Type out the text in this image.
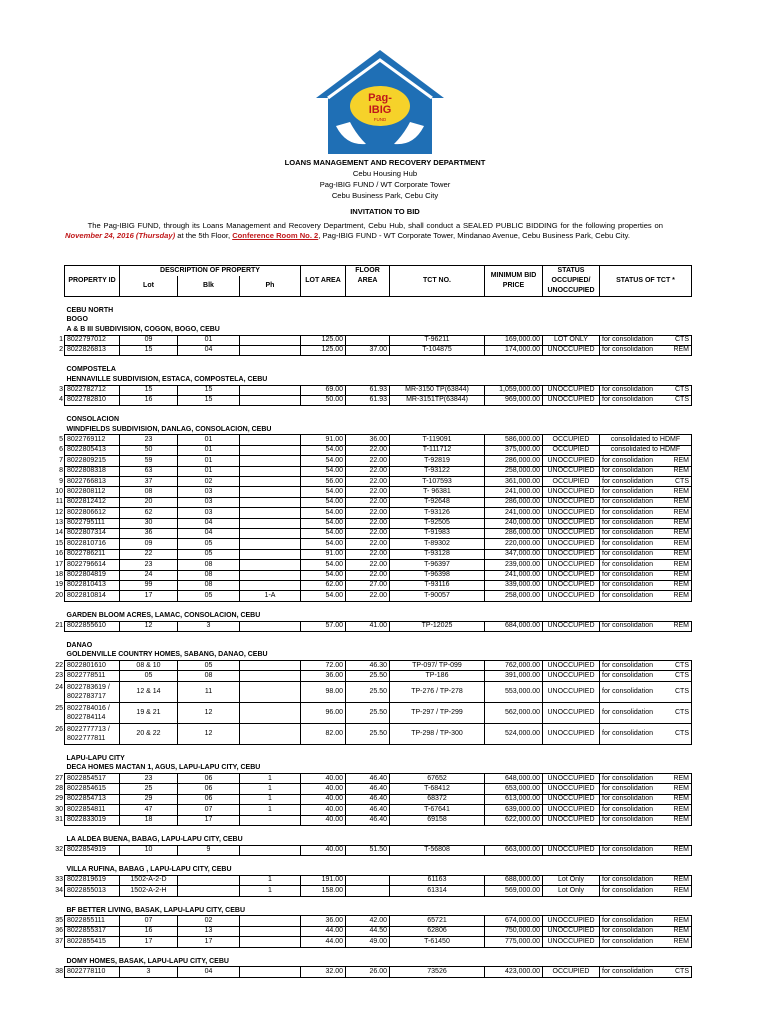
Pag-
IBIG
FUND
LOANS MANAGEMENT AND RECOVERY DEPARTMENT
Cebu Housing Hub
Pag-IBIG FUND / WT Corporate Tower
Cebu Business Park, Cebu City
INVITATION TO BID
The Pag-IBIG FUND, through its Loans Management and Recovery Department, Cebu Hub, shall conduct a SEALED PUBLIC BIDDING for the following properties on November 24, 2016 (Thursday) at the 5th Floor, Conference Room No. 2, Pag-IBIG FUND - WT Corporate Tower, Mindanao Avenue, Cebu Business Park, Cebu City.
PROPERTY ID	DESCRIPTION OF PROPERTY			LOT AREA	FLOOR AREA	TCT NO.	MINIMUM BID PRICE	STATUS	STATUS OF TCT *
	Lot	Blk	Ph					OCCUPIED/ UNOCCUPIED	

CEBU NORTH									
BOGO									
A & B III SUBDIVISION, COGON, BOGO, CEBU									

1 8022797012	09	01		125.00		T-96211	169,000.00	LOT ONLY	for consolidation CTS

2 8022826813	15	04		125.00	37.00	T-104875	174,000.00	UNOCCUPIED	for consolidation REM

COMPOSTELA									
HENNAVILLE SUBDIVISION, ESTACA, COMPOSTELA, CEBU									

3 8022782712	15	15		69.00	61.93	MR-3150 TP(63844)	1,059,000.00	UNOCCUPIED	for consolidation CTS

4 8022782810	16	15		50.00	61.93	MR-3151TP(63844)	969,000.00	UNOCCUPIED	for consolidation CTS

CONSOLACION									
WINDFIELDS SUBDIVISION, DANLAG, CONSOLACION, CEBU									

5 8022769112	23	01		91.00	36.00	T-119091	586,000.00	OCCUPIED	consolidated to HDMF

6 8022805413	50	01		54.00	22.00	T-111712	375,000.00	OCCUPIED	consolidated to HDMF

7 8022809215	59	01		54.00	22.00	T-92819	286,000.00	UNOCCUPIED	for consolidation REM

8 8022808318	63	01		54.00	22.00	T-93122	258,000.00	UNOCCUPIED	for consolidation REM

9 8022766813	37	02		56.00	22.00	T-107593	361,000.00	OCCUPIED	for consolidation CTS

10 8022808112	08	03		54.00	22.00	T- 96381	241,000.00	UNOCCUPIED	for consolidation REM

11 8022812412	20	03		54.00	22.00	T-92648	286,000.00	UNOCCUPIED	for consolidation REM

12 8022806612	62	03		54.00	22.00	T-93126	241,000.00	UNOCCUPIED	for consolidation REM

13 8022795111	30	04		54.00	22.00	T-92505	240,000.00	UNOCCUPIED	for consolidation REM

14 8022807314	36	04		54.00	22.00	T-91983	286,000.00	UNOCCUPIED	for consolidation REM

15 8022810716	09	05		54.00	22.00	T-89302	220,000.00	UNOCCUPIED	for consolidation REM

16 8022786211	22	05		91.00	22.00	T-93128	347,000.00	UNOCCUPIED	for consolidation REM

17 8022796614	23	08		54.00	22.00	T-96397	239,000.00	UNOCCUPIED	for consolidation REM

18 8022804819	24	08		54.00	22.00	T-96398	241,000.00	UNOCCUPIED	for consolidation REM

19 8022810413	99	08		62.00	27.00	T-93116	339,000.00	UNOCCUPIED	for consolidation REM

20 8022810814	17	05	1-A	54.00	22.00	T-90057	258,000.00	UNOCCUPIED	for consolidation REM

GARDEN BLOOM ACRES, LAMAC, CONSOLACION, CEBU									

21 8022855610	12	3		57.00	41.00	TP-12025	684,000.00	UNOCCUPIED	for consolidation REM

DANAO									
GOLDENVILLE COUNTRY HOMES, SABANG, DANAO, CEBU									

22 8022801610	08 & 10	05		72.00	46.30	TP-097/ TP-099	762,000.00	UNOCCUPIED	for consolidation CTS

23 8022778511	05	08		36.00	25.50	TP-186	391,000.00	UNOCCUPIED	for consolidation CTS

24 8022783619 / 8022783717	12 & 14	11		98.00	25.50	TP-276 / TP-278	553,000.00	UNOCCUPIED	for consolidation CTS

25 8022784016 / 8022784114	19 & 21	12		96.00	25.50	TP-297 / TP-299	562,000.00	UNOCCUPIED	for consolidation CTS

26 8022777713 / 8022777811	20 & 22	12		82.00	25.50	TP-298 / TP-300	524,000.00	UNOCCUPIED	for consolidation CTS

LAPU-LAPU CITY									
DECA HOMES MACTAN 1, AGUS, LAPU-LAPU CITY, CEBU									

27 8022854517	23	06	1	40.00	46.40	67652	648,000.00	UNOCCUPIED	for consolidation REM

28 8022854615	25	06	1	40.00	46.40	T-68412	653,000.00	UNOCCUPIED	for consolidation REM

29 8022854713	29	06	1	40.00	46.40	68372	613,000.00	UNOCCUPIED	for consolidation REM

30 8022854811	47	07	1	40.00	46.40	T-67641	639,000.00	UNOCCUPIED	for consolidation REM

31 8022833019	18	17		40.00	46.40	69158	622,000.00	UNOCCUPIED	for consolidation REM

LA ALDEA BUENA, BABAG, LAPU-LAPU CITY, CEBU									

32 8022854919	10	9		40.00	51.50	T-56808	663,000.00	UNOCCUPIED	for consolidation REM

VILLA RUFINA, BABAG , LAPU-LAPU CITY, CEBU									

33 8022819619	1502-A-2-D		1	191.00		61163	688,000.00	Lot Only	for consolidation REM

34 8022855013	1502-A-2-H		1	158.00		61314	569,000.00	Lot Only	for consolidation REM

BF BETTER LIVING, BASAK, LAPU-LAPU CITY, CEBU									

35 8022855111	07	02		36.00	42.00	65721	674,000.00	UNOCCUPIED	for consolidation REM

36 8022855317	16	13		44.00	44.50	62806	750,000.00	UNOCCUPIED	for consolidation REM

37 8022855415	17	17		44.00	49.00	T-61450	775,000.00	UNOCCUPIED	for consolidation REM

DOMY HOMES, BASAK, LAPU-LAPU CITY, CEBU									

38 8022778110	3	04		32.00	26.00	73526	423,000.00	OCCUPIED	for consolidation CTS
